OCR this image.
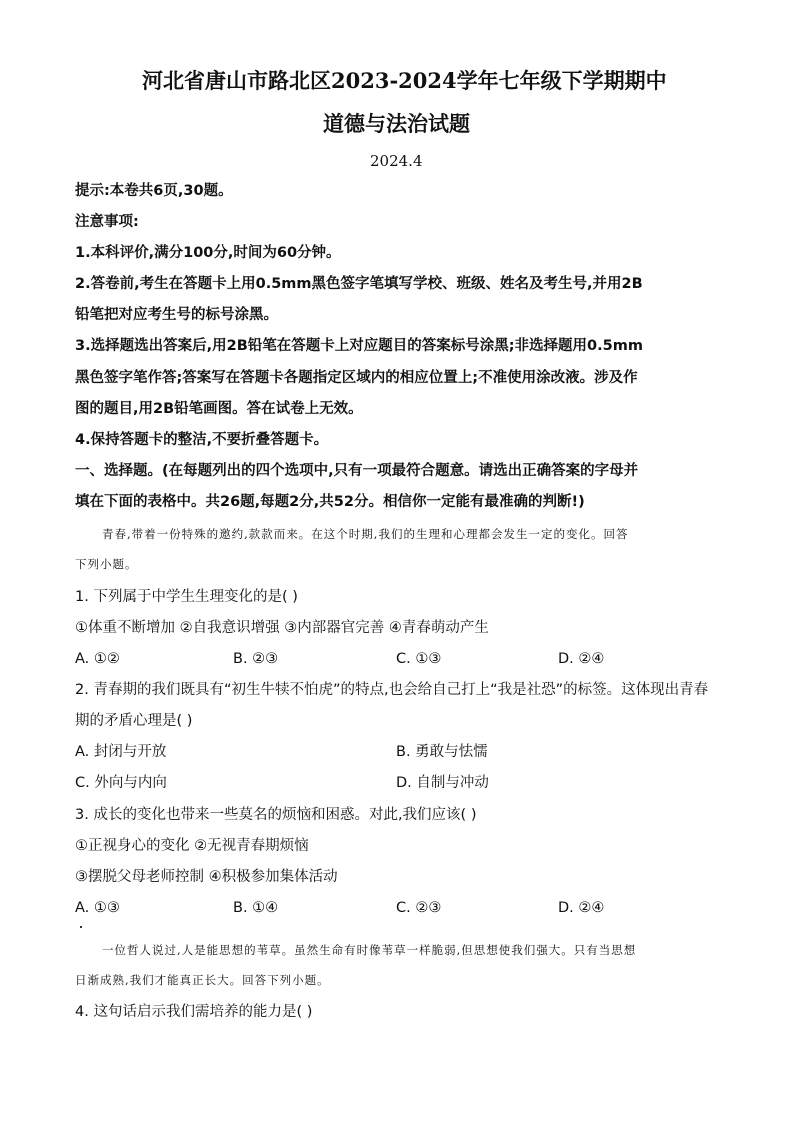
河北省唐山市路北区2023-2024学年七年级下学期期中
道德与法治试题
2024.4
提示:本卷共6页,30题。
注意事项:
1.本科评价,满分100分,时间为60分钟。
2.答卷前,考生在答题卡上用0.5mm黑色签字笔填写学校、班级、姓名及考生号,并用2B
铅笔把对应考生号的标号涂黑。
3.选择题选出答案后,用2B铅笔在答题卡上对应题目的答案标号涂黑;非选择题用0.5mm
黑色签字笔作答;答案写在答题卡各题指定区域内的相应位置上;不准使用涂改液。涉及作
图的题目,用2B铅笔画图。答在试卷上无效。
4.保持答题卡的整洁,不要折叠答题卡。
一、选择题。(在每题列出的四个选项中,只有一项最符合题意。请选出正确答案的字母并
填在下面的表格中。共26题,每题2分,共52分。相信你一定能有最准确的判断!)
青春,带着一份特殊的邀约,款款而来。在这个时期,我们的生理和心理都会发生一定的变化。回答
下列小题。
1. 下列属于中学生生理变化的是( )
①体重不断增加 ②自我意识增强 ③内部器官完善 ④青春萌动产生
A. ①②	B. ②③	C. ①③	D. ②④
2. 青春期的我们既具有“初生牛犊不怕虎”的特点,也会给自己打上“我是社恐”的标签。这体现出青春
期的矛盾心理是( )
A. 封闭与开放	B. 勇敢与怯懦
C. 外向与内向	D. 自制与冲动
3. 成长的变化也带来一些莫名的烦恼和困惑。对此,我们应该( )
①正视身心的变化 ②无视青春期烦恼
③摆脱父母老师控制 ④积极参加集体活动
A. ①③	B. ①④	C. ②③	D. ②④
一位哲人说过,人是能思想的苇草。虽然生命有时像苇草一样脆弱,但思想使我们强大。只有当思想
日渐成熟,我们才能真正长大。回答下列小题。
4. 这句话启示我们需培养的能力是( )
